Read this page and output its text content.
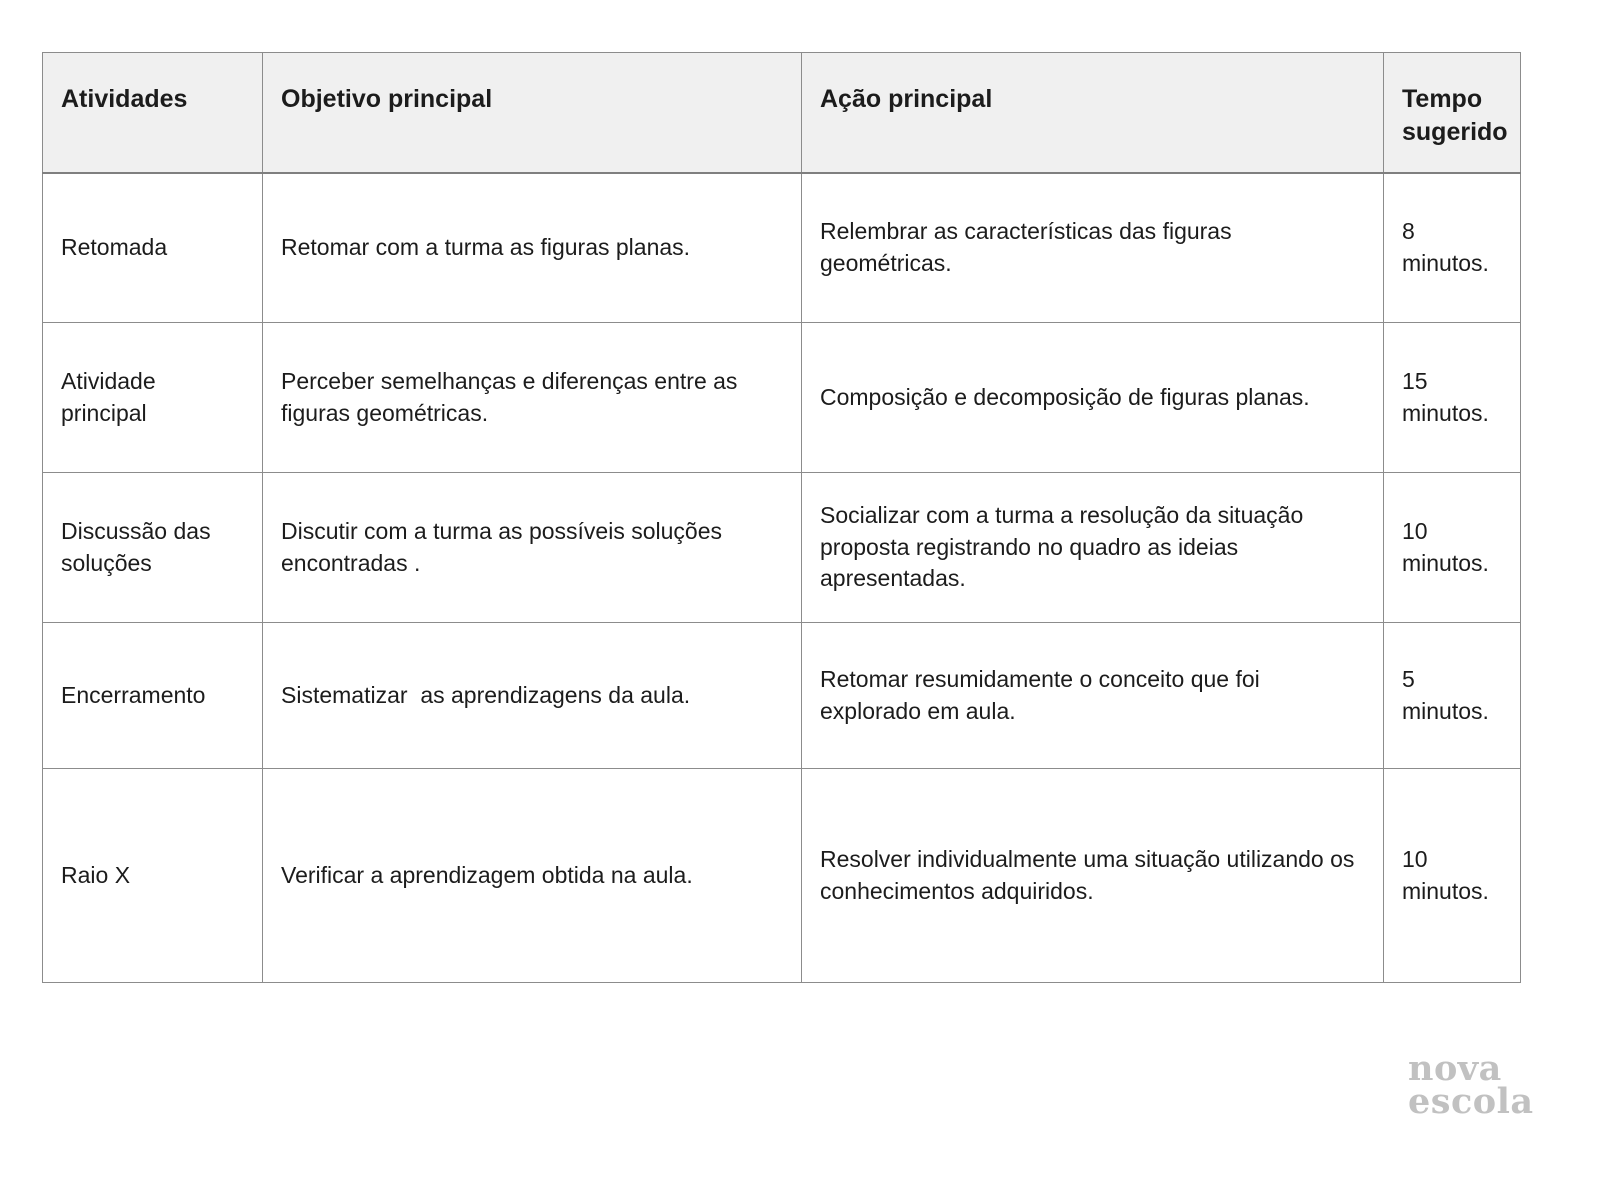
Atividades	Objetivo principal	Ação principal	Tempo sugerido
Retomada	Retomar com a turma as figuras planas.	Relembrar as características das figuras geométricas.	8 minutos.
Atividade principal	Perceber semelhanças e diferenças entre as figuras geométricas.	Composição e decomposição de figuras planas.	15 minutos.
Discussão das soluções	Discutir com a turma as possíveis soluções encontradas .	Socializar com a turma a resolução da situação proposta registrando no quadro as ideias apresentadas.	10 minutos.
Encerramento	Sistematizar  as aprendizagens da aula.	Retomar resumidamente o conceito que foi explorado em aula.	5 minutos.
Raio X	Verificar a aprendizagem obtida na aula.	Resolver individualmente uma situação utilizando os conhecimentos adquiridos.	10 minutos.
nova
escola
